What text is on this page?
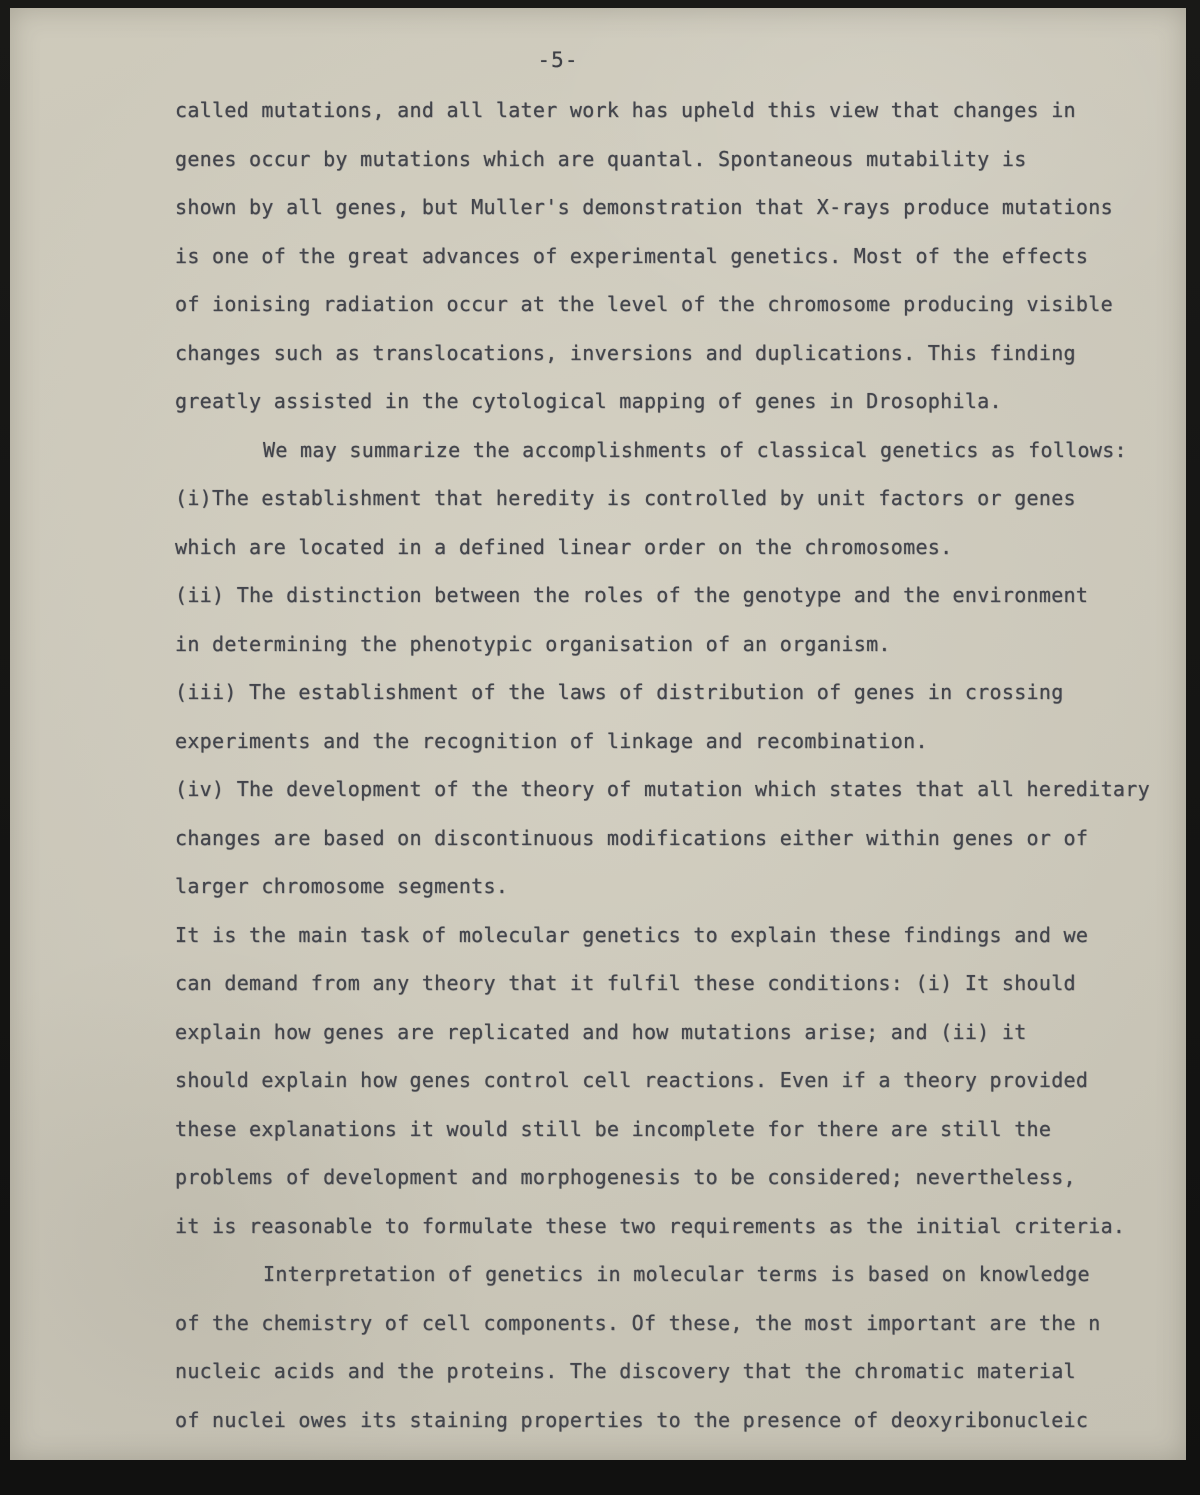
-5-
called mutations, and all later work has upheld this view that changes in
genes occur by mutations which are quantal. Spontaneous mutability is
shown by all genes, but Muller's demonstration that X-rays produce mutations
is one of the great advances of experimental genetics. Most of the effects
of ionising radiation occur at the level of the chromosome producing visible
changes such as translocations, inversions and duplications. This finding
greatly assisted in the cytological mapping of genes in Drosophila.
We may summarize the accomplishments of classical genetics as follows:
(i)The establishment that heredity is controlled by unit factors or genes
which are located in a defined linear order on the chromosomes.
(ii) The distinction between the roles of the genotype and the environment
in determining the phenotypic organisation of an organism.
(iii) The establishment of the laws of distribution of genes in crossing
experiments and the recognition of linkage and recombination.
(iv) The development of the theory of mutation which states that all hereditary
changes are based on discontinuous modifications either within genes or of
larger chromosome segments.
It is the main task of molecular genetics to explain these findings and we
can demand from any theory that it fulfil these conditions: (i) It should
explain how genes are replicated and how mutations arise; and (ii) it
should explain how genes control cell reactions. Even if a theory provided
these explanations it would still be incomplete for there are still the
problems of development and morphogenesis to be considered; nevertheless,
it is reasonable to formulate these two requirements as the initial criteria.
Interpretation of genetics in molecular terms is based on knowledge
of the chemistry of cell components. Of these, the most important are the n
nucleic acids and the proteins. The discovery that the chromatic material
of nuclei owes its staining properties to the presence of deoxyribonucleic
